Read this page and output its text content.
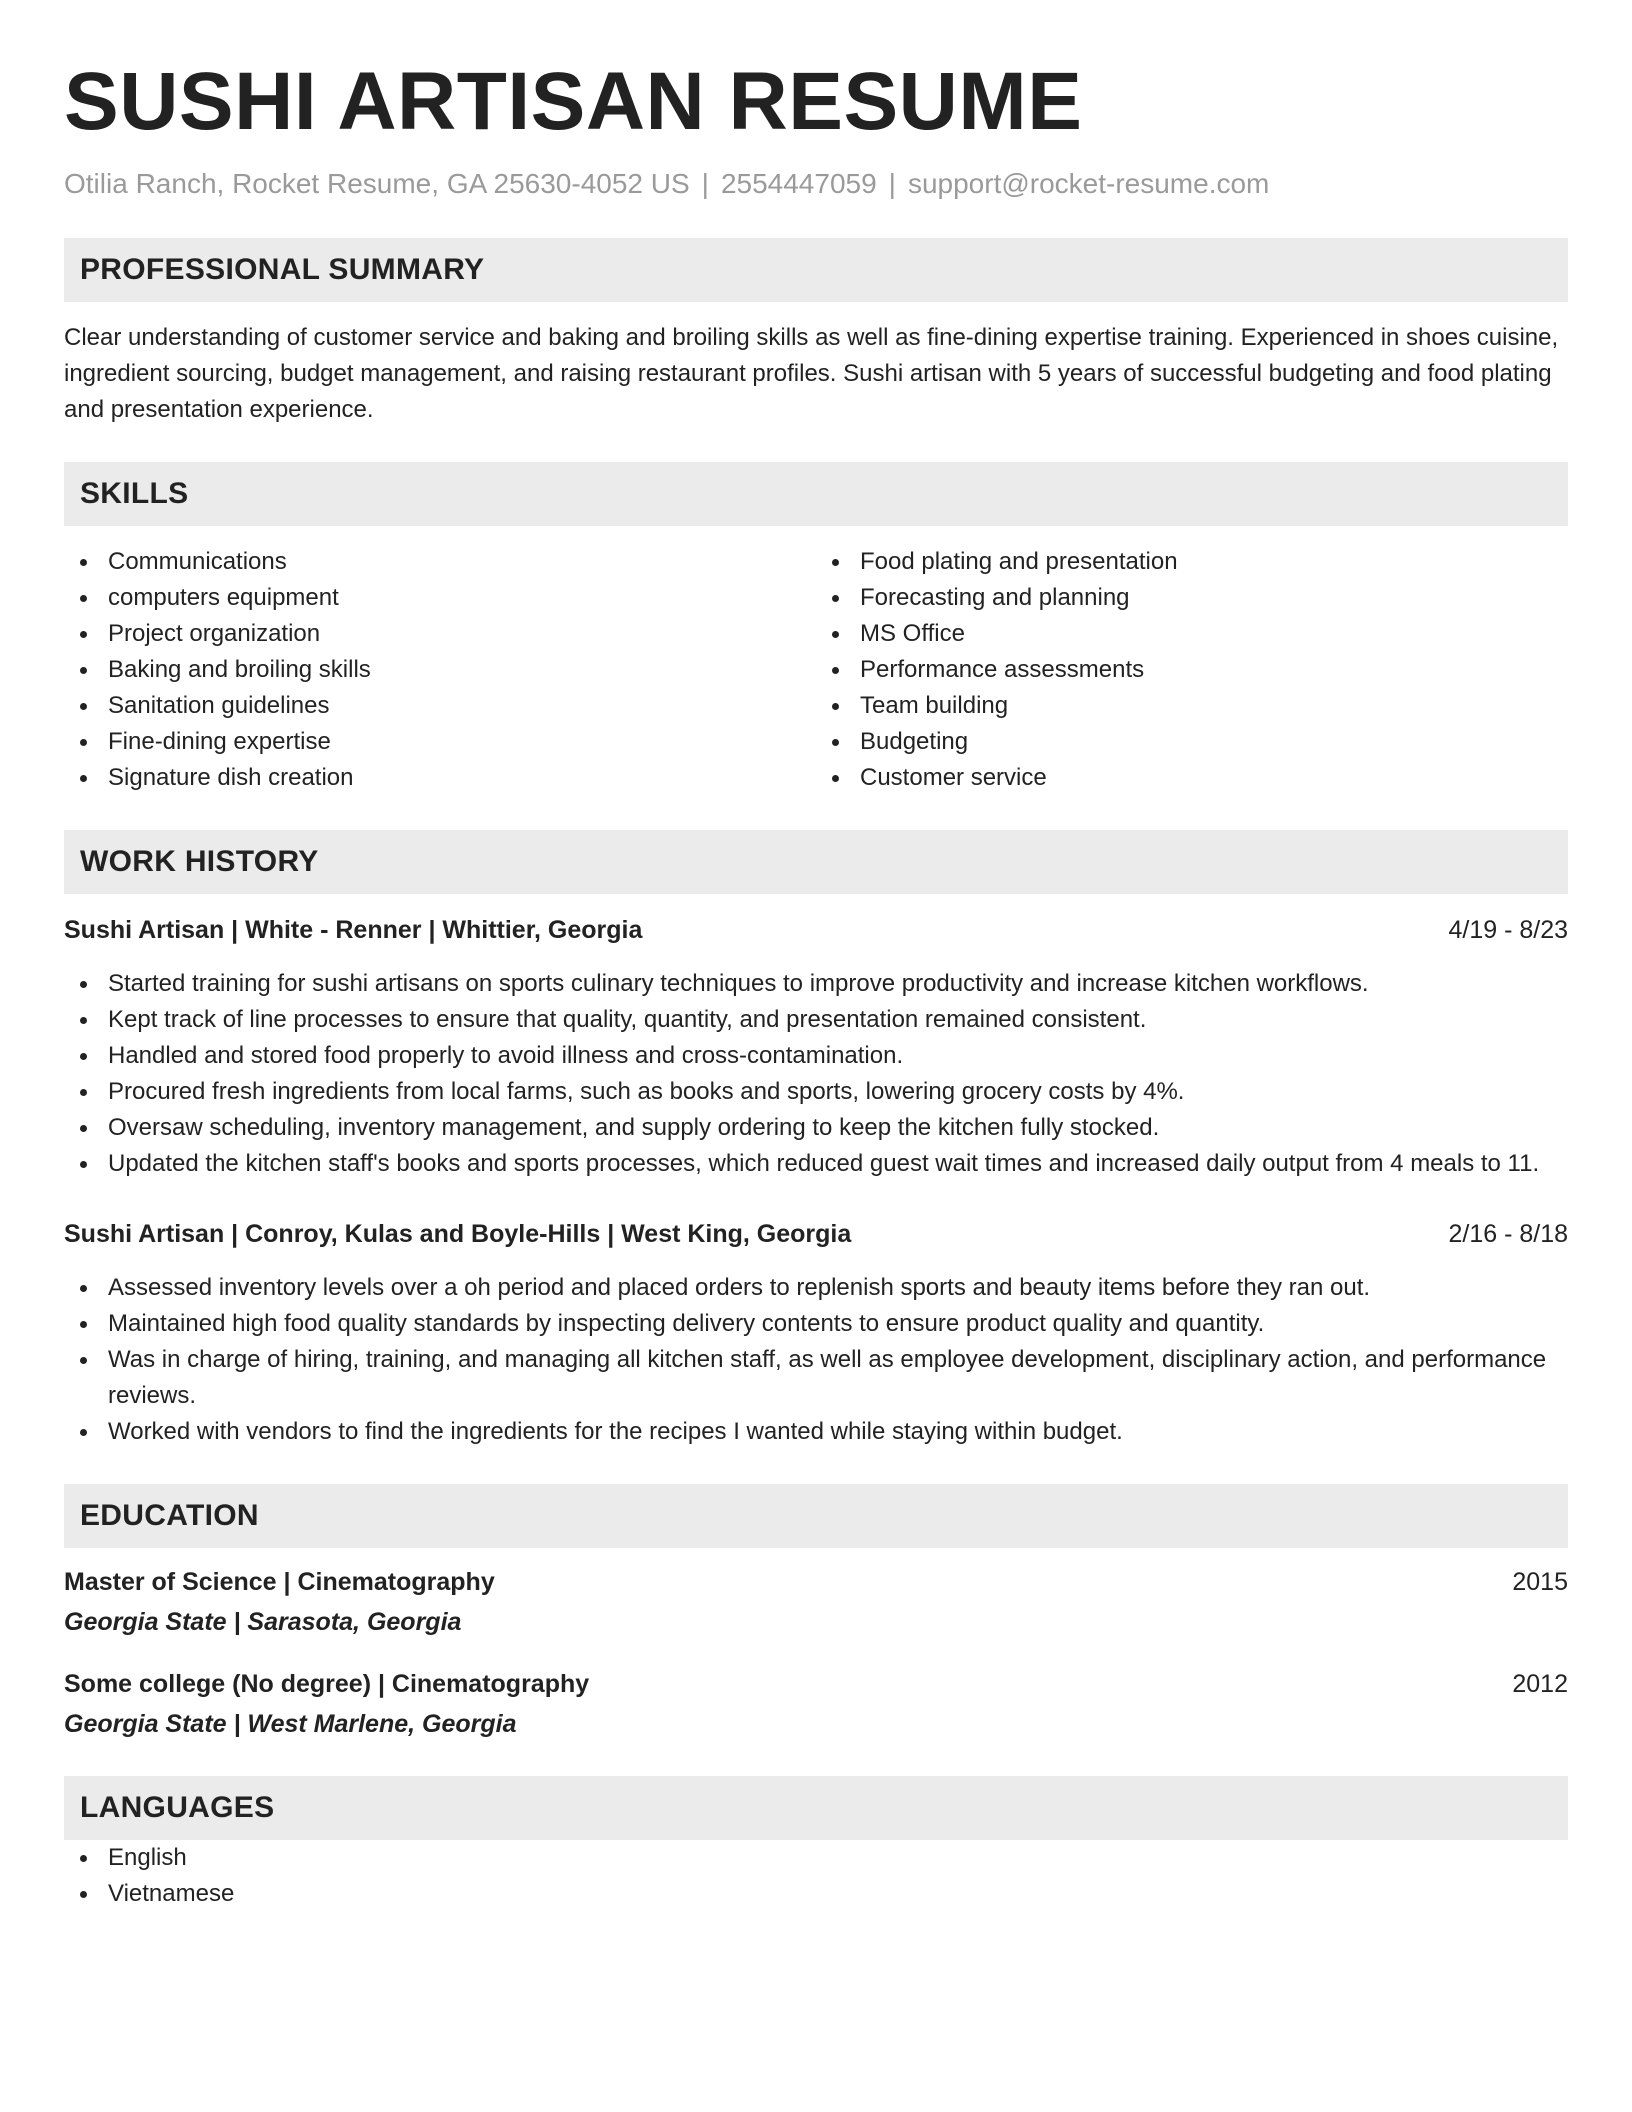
SUSHI ARTISAN RESUME
Otilia Ranch, Rocket Resume, GA 25630-4052 US | 2554447059 | support@rocket-resume.com
PROFESSIONAL SUMMARY
Clear understanding of customer service and baking and broiling skills as well as fine-dining expertise training. Experienced in shoes cuisine, ingredient sourcing, budget management, and raising restaurant profiles. Sushi artisan with 5 years of successful budgeting and food plating and presentation experience.
SKILLS
Communications
computers equipment
Project organization
Baking and broiling skills
Sanitation guidelines
Fine-dining expertise
Signature dish creation
Food plating and presentation
Forecasting and planning
MS Office
Performance assessments
Team building
Budgeting
Customer service
WORK HISTORY
Sushi Artisan | White - Renner | Whittier, Georgia	4/19 - 8/23
Started training for sushi artisans on sports culinary techniques to improve productivity and increase kitchen workflows.
Kept track of line processes to ensure that quality, quantity, and presentation remained consistent.
Handled and stored food properly to avoid illness and cross-contamination.
Procured fresh ingredients from local farms, such as books and sports, lowering grocery costs by 4%.
Oversaw scheduling, inventory management, and supply ordering to keep the kitchen fully stocked.
Updated the kitchen staff's books and sports processes, which reduced guest wait times and increased daily output from 4 meals to 11.
Sushi Artisan | Conroy, Kulas and Boyle-Hills | West King, Georgia	2/16 - 8/18
Assessed inventory levels over a oh period and placed orders to replenish sports and beauty items before they ran out.
Maintained high food quality standards by inspecting delivery contents to ensure product quality and quantity.
Was in charge of hiring, training, and managing all kitchen staff, as well as employee development, disciplinary action, and performance reviews.
Worked with vendors to find the ingredients for the recipes I wanted while staying within budget.
EDUCATION
Master of Science | Cinematography	2015
Georgia State | Sarasota, Georgia
Some college (No degree) | Cinematography	2012
Georgia State | West Marlene, Georgia
LANGUAGES
English
Vietnamese
